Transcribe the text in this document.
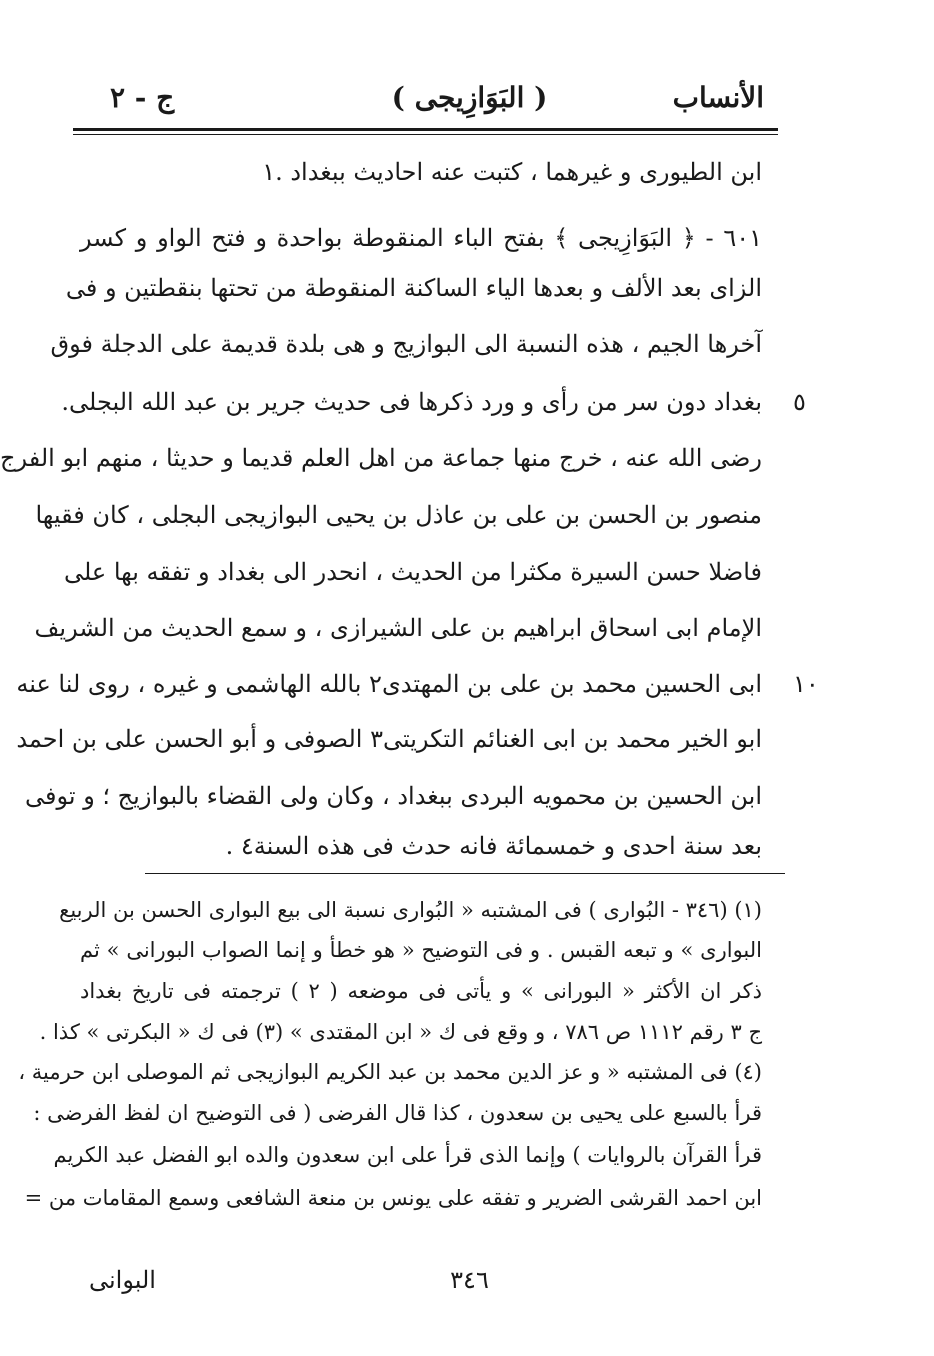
الأنساب
( البَوَازِيجى )
ج - ٢
ابن الطيورى و غيرهما ، كتبت عنه احاديث ببغداد .١
٦٠١ - ﴿ البَوَازِيجى ﴾ بفتح الباء المنقوطة بواحدة و فتح الواو و كسر
الزاى بعد الألف و بعدها الياء الساكنة المنقوطة من تحتها بنقطتين و فى
آخرها الجيم ، هذه النسبة الى البوازيج و هى بلدة قديمة على الدجلة فوق
بغداد دون سر من رأى و ورد ذكرها فى حديث جرير بن عبد الله البجلى.
رضى الله عنه ، خرج منها جماعة من اهل العلم قديما و حديثا ، منهم ابو الفرج
منصور بن الحسن بن على بن عاذل بن يحيى البوازيجى البجلى ، كان فقيها
فاضلا حسن السيرة مكثرا من الحديث ، انحدر الى بغداد و تفقه بها على
الإمام ابى اسحاق ابراهيم بن على الشيرازى ، و سمع الحديث من الشريف
ابى الحسين محمد بن على بن المهتدى٢ بالله الهاشمى و غيره ، روى لنا عنه
ابو الخير محمد بن ابى الغنائم التكريتى٣ الصوفى و أبو الحسن على بن احمد
ابن الحسين بن محمويه البردى ببغداد ، وكان ولى القضاء بالبوازيج ؛ و توفى
بعد سنة احدى و خمسمائة فانه حدث فى هذه السنة٤ .
٥
١٠
(١) (٣٤٦ - البُوارى ) فى المشتبه « البُوارى نسبة الى بيع البوارى الحسن بن الربيع
البوارى » و تبعه القبس . و فى التوضيح « هو خطأ و إنما الصواب البورانى » ثم
ذكر ان الأكثر « البورانى » و يأتى فى موضعه ( ٢ ) ترجمته فى تاريخ بغداد
ج ٣ رقم ١١١٢ ص ٧٨٦ ، و وقع فى ك « ابن المقتدى » (٣) فى ك « البكرتى » كذا .
(٤) فى المشتبه « و عز الدين محمد بن عبد الكريم البوازيجى ثم الموصلى ابن حرمية ،
قرأ بالسبع على يحيى بن سعدون ، كذا قال الفرضى ( فى التوضيح ان لفظ الفرضى :
قرأ القرآن بالروايات ) وإنما الذى قرأ على ابن سعدون والده ابو الفضل عبد الكريم
ابن احمد القرشى الضرير و تفقه على يونس بن منعة الشافعى وسمع المقامات من =
٣٤٦
البوانى
